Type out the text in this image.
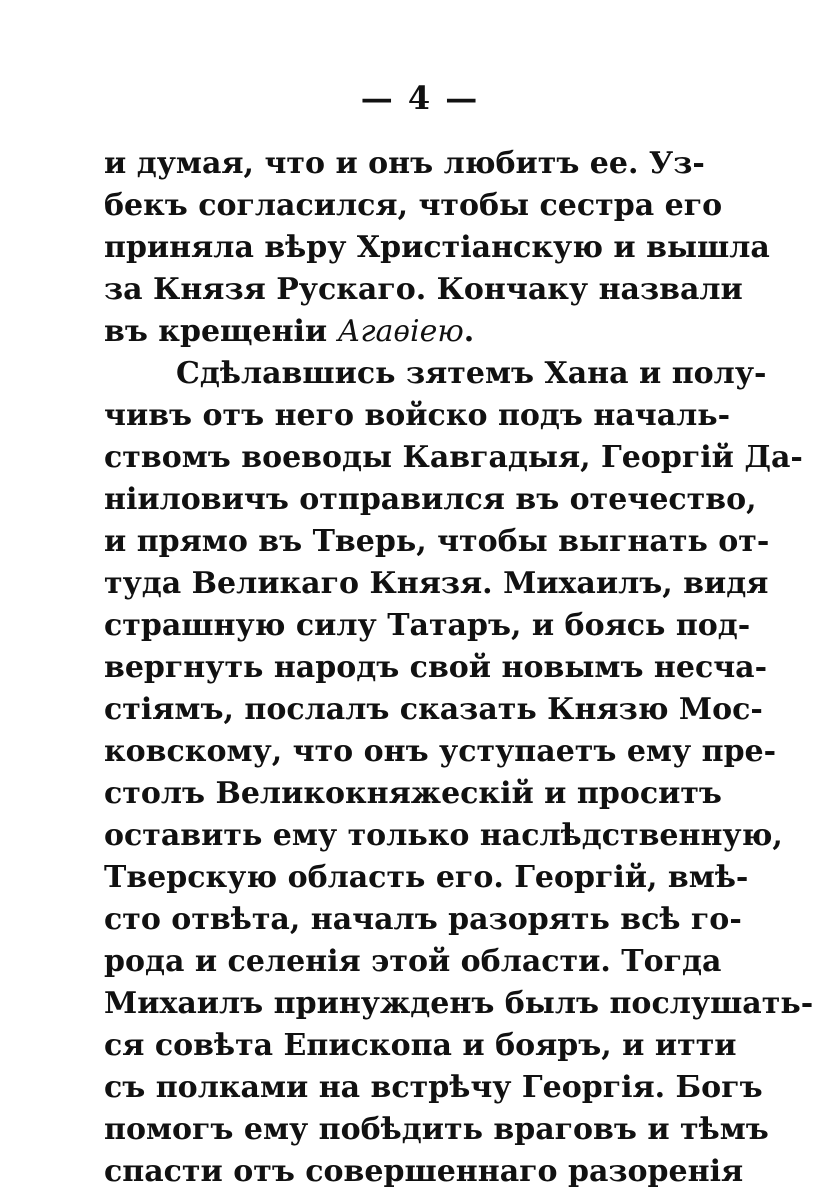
— 4 —
и думая, что и онъ любитъ ее. Уз-
бекъ согласился, чтобы сестра его
приняла вѣру Христіанскую и вышла
за Князя Рускаго. Кончаку назвали
въ крещеніи Агаѳіею.
Сдѣлавшись зятемъ Хана и полу-
чивъ отъ него войско подъ началь-
ствомъ воеводы Кавгадыя, Георгій Да-
ніиловичъ отправился въ отечество,
и прямо въ Тверь, чтобы выгнать от-
туда Великаго Князя. Михаилъ, видя
страшную силу Татаръ, и боясь под-
вергнуть народъ свой новымъ несча-
стіямъ, послалъ сказать Князю Мос-
ковскому, что онъ уступаетъ ему пре-
столъ Великокняжескій и проситъ
оставить ему только наслѣдственную,
Тверскую область его. Георгій, вмѣ-
сто отвѣта, началъ разорять всѣ го-
рода и селенія этой области. Тогда
Михаилъ принужденъ былъ послушать-
ся совѣта Епископа и бояръ, и итти
съ полками на встрѣчу Георгія. Богъ
помогъ ему побѣдить враговъ и тѣмъ
спасти отъ совершеннаго разоренія
